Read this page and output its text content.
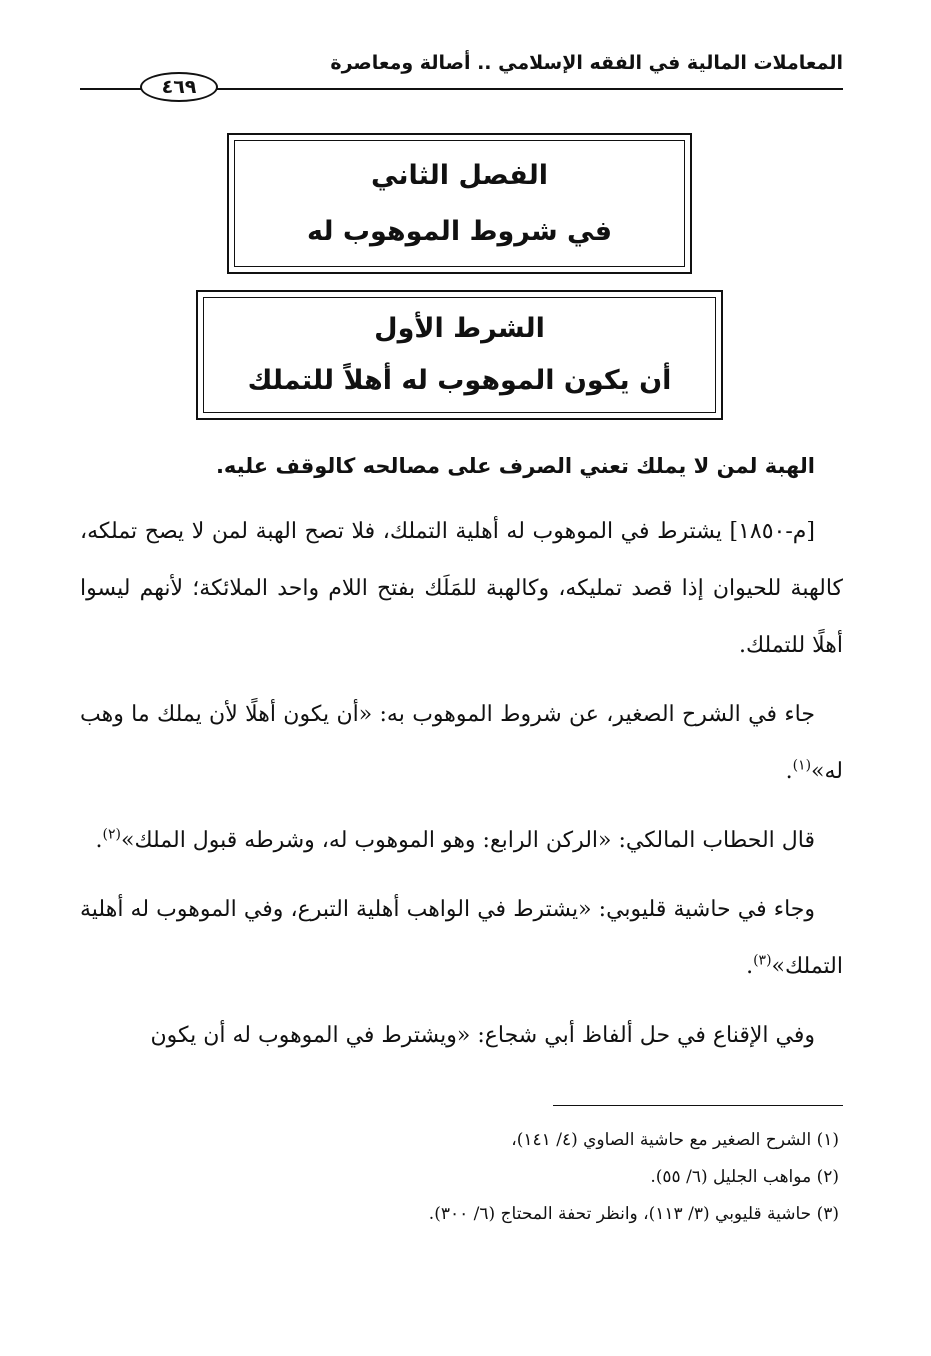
المعاملات المالية في الفقه الإسلامي .. أصالة ومعاصرة
٤٦٩
الفصل الثاني
في شروط الموهوب له
الشرط الأول
أن يكون الموهوب له أهلاً للتملك

الهبة لمن لا يملك تعني الصرف على مصالحه كالوقف عليه.

[م-١٨٥٠] يشترط في الموهوب له أهلية التملك، فلا تصح الهبة لمن لا يصح تملكه، كالهبة للحيوان إذا قصد تمليكه، وكالهبة للمَلَك بفتح اللام واحد الملائكة؛ لأنهم ليسوا أهلًا للتملك.

جاء في الشرح الصغير، عن شروط الموهوب به: «أن يكون أهلًا لأن يملك ما وهب له»$^{(١)}$.

قال الحطاب المالكي: «الركن الرابع: وهو الموهوب له، وشرطه قبول الملك»$^{(٢)}$.

وجاء في حاشية قليوبي: «يشترط في الواهب أهلية التبرع، وفي الموهوب له أهلية التملك»$^{(٣)}$.

وفي الإقناع في حل ألفاظ أبي شجاع: «ويشترط في الموهوب له أن يكون

(١) الشرح الصغير مع حاشية الصاوي (٤/ ١٤١)،
(٢) مواهب الجليل (٦/ ٥٥).
(٣) حاشية قليوبي (٣/ ١١٣)، وانظر تحفة المحتاج (٦/ ٣٠٠).
